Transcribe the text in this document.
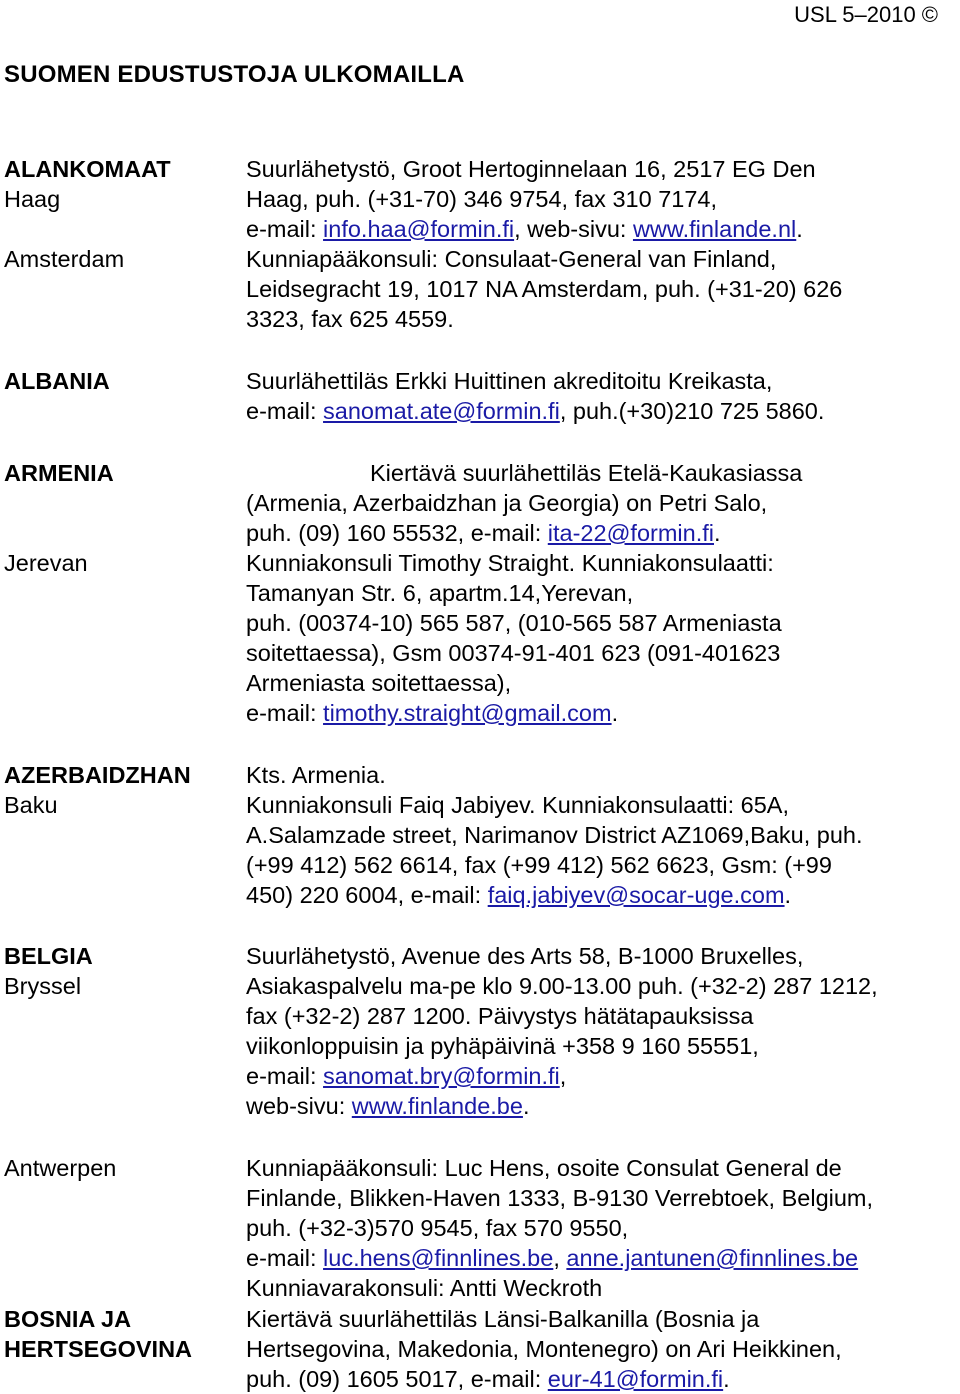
USL 5–2010 ©
SUOMEN EDUSTUSTOJA ULKOMAILLA
ALANKOMAAT
Haag
Amsterdam
ALBANIA
ARMENIA
Jerevan
AZERBAIDZHAN
Baku
BELGIA
Bryssel
Antwerpen
BOSNIA JA
HERTSEGOVINA
Suurlähetystö, Groot Hertoginnelaan 16, 2517 EG Den
Haag, puh. (+31-70) 346 9754, fax 310 7174,
e-mail: info.haa@formin.fi, web-sivu: www.finlande.nl.
Kunniapääkonsuli: Consulaat-General van Finland,
Leidsegracht 19, 1017 NA Amsterdam, puh. (+31-20) 626
3323, fax 625 4559.
Suurlähettiläs Erkki Huittinen akreditoitu Kreikasta,
e-mail: sanomat.ate@formin.fi, puh.(+30)210 725 5860.
Kiertävä suurlähettiläs Etelä-Kaukasiassa
(Armenia, Azerbaidzhan ja Georgia) on Petri Salo,
puh. (09) 160 55532, e-mail: ita-22@formin.fi.
Kunniakonsuli Timothy Straight. Kunniakonsulaatti:
Tamanyan Str. 6, apartm.14,Yerevan,
puh. (00374-10) 565 587, (010-565 587 Armeniasta
soitettaessa), Gsm 00374-91-401 623 (091-401623
Armeniasta soitettaessa),
e-mail: timothy.straight@gmail.com.
Kts. Armenia.
Kunniakonsuli Faiq Jabiyev. Kunniakonsulaatti: 65A,
A.Salamzade street, Narimanov District AZ1069,Baku, puh.
(+99 412) 562 6614, fax (+99 412) 562 6623, Gsm: (+99
450) 220 6004, e-mail: faiq.jabiyev@socar-uge.com.
Suurlähetystö, Avenue des Arts 58, B-1000 Bruxelles,
Asiakaspalvelu ma-pe klo 9.00-13.00 puh. (+32-2) 287 1212,
fax (+32-2) 287 1200. Päivystys hätätapauksissa
viikonloppuisin ja pyhäpäivinä +358 9 160 55551,
e-mail: sanomat.bry@formin.fi,
web-sivu: www.finlande.be.
Kunniapääkonsuli: Luc Hens, osoite Consulat General de
Finlande, Blikken-Haven 1333, B-9130 Verrebtoek, Belgium,
puh. (+32-3)570 9545, fax 570 9550,
e-mail: luc.hens@finnlines.be, anne.jantunen@finnlines.be
Kunniavarakonsuli: Antti Weckroth
Kiertävä suurlähettiläs Länsi-Balkanilla (Bosnia ja
Hertsegovina, Makedonia, Montenegro) on Ari Heikkinen,
puh. (09) 1605 5017, e-mail: eur-41@formin.fi.
